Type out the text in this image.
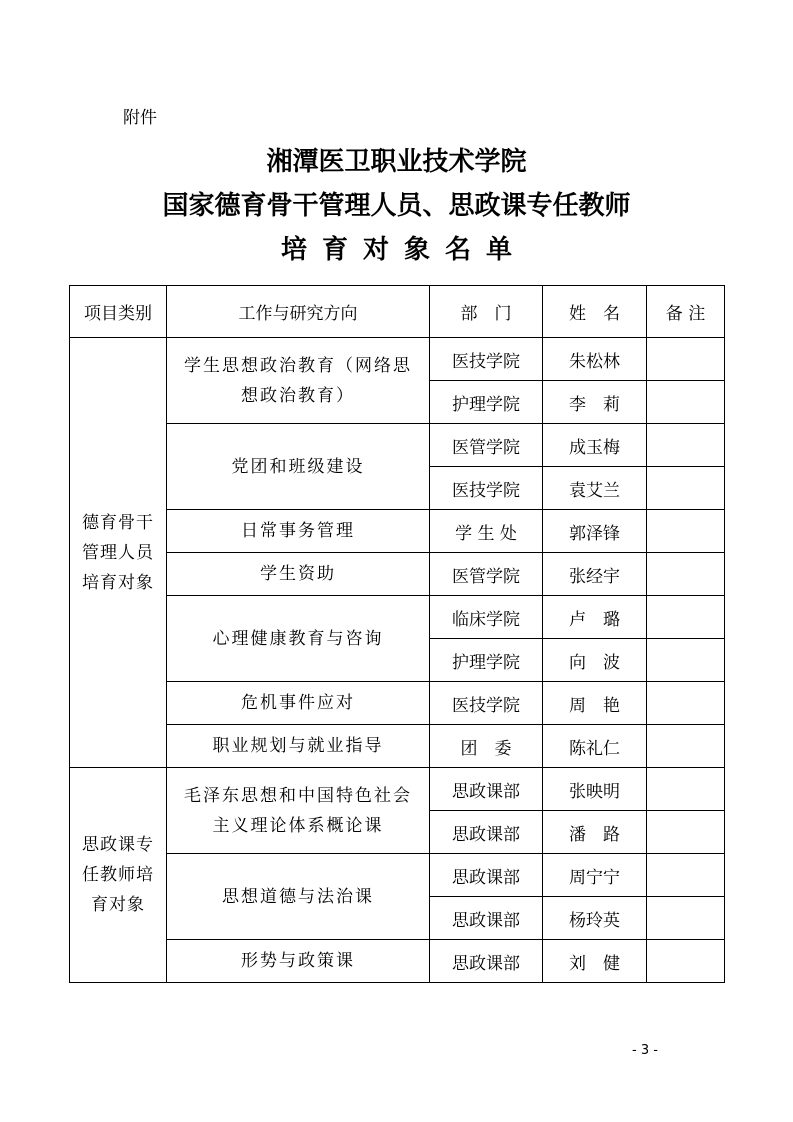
附件
湘潭医卫职业技术学院
国家德育骨干管理人员、思政课专任教师
培育对象名单
项目类别	工作与研究方向	部　门	姓　名	备 注
德育骨干管理人员培育对象	学生思想政治教育（网络思想政治教育）	医技学院	朱松林	
		护理学院	李　莉	
	党团和班级建设	医管学院	成玉梅	
		医技学院	袁艾兰	
	日常事务管理	学 生 处	郭泽锋	
	学生资助	医管学院	张经宇	
	心理健康教育与咨询	临床学院	卢　璐	
		护理学院	向　波	
	危机事件应对	医技学院	周　艳	
	职业规划与就业指导	团　委	陈礼仁	
思政课专任教师培育对象	毛泽东思想和中国特色社会主义理论体系概论课	思政课部	张映明	
		思政课部	潘　路	
	思想道德与法治课	思政课部	周宁宁	
		思政课部	杨玲英	
	形势与政策课	思政课部	刘　健	
- 3 -
